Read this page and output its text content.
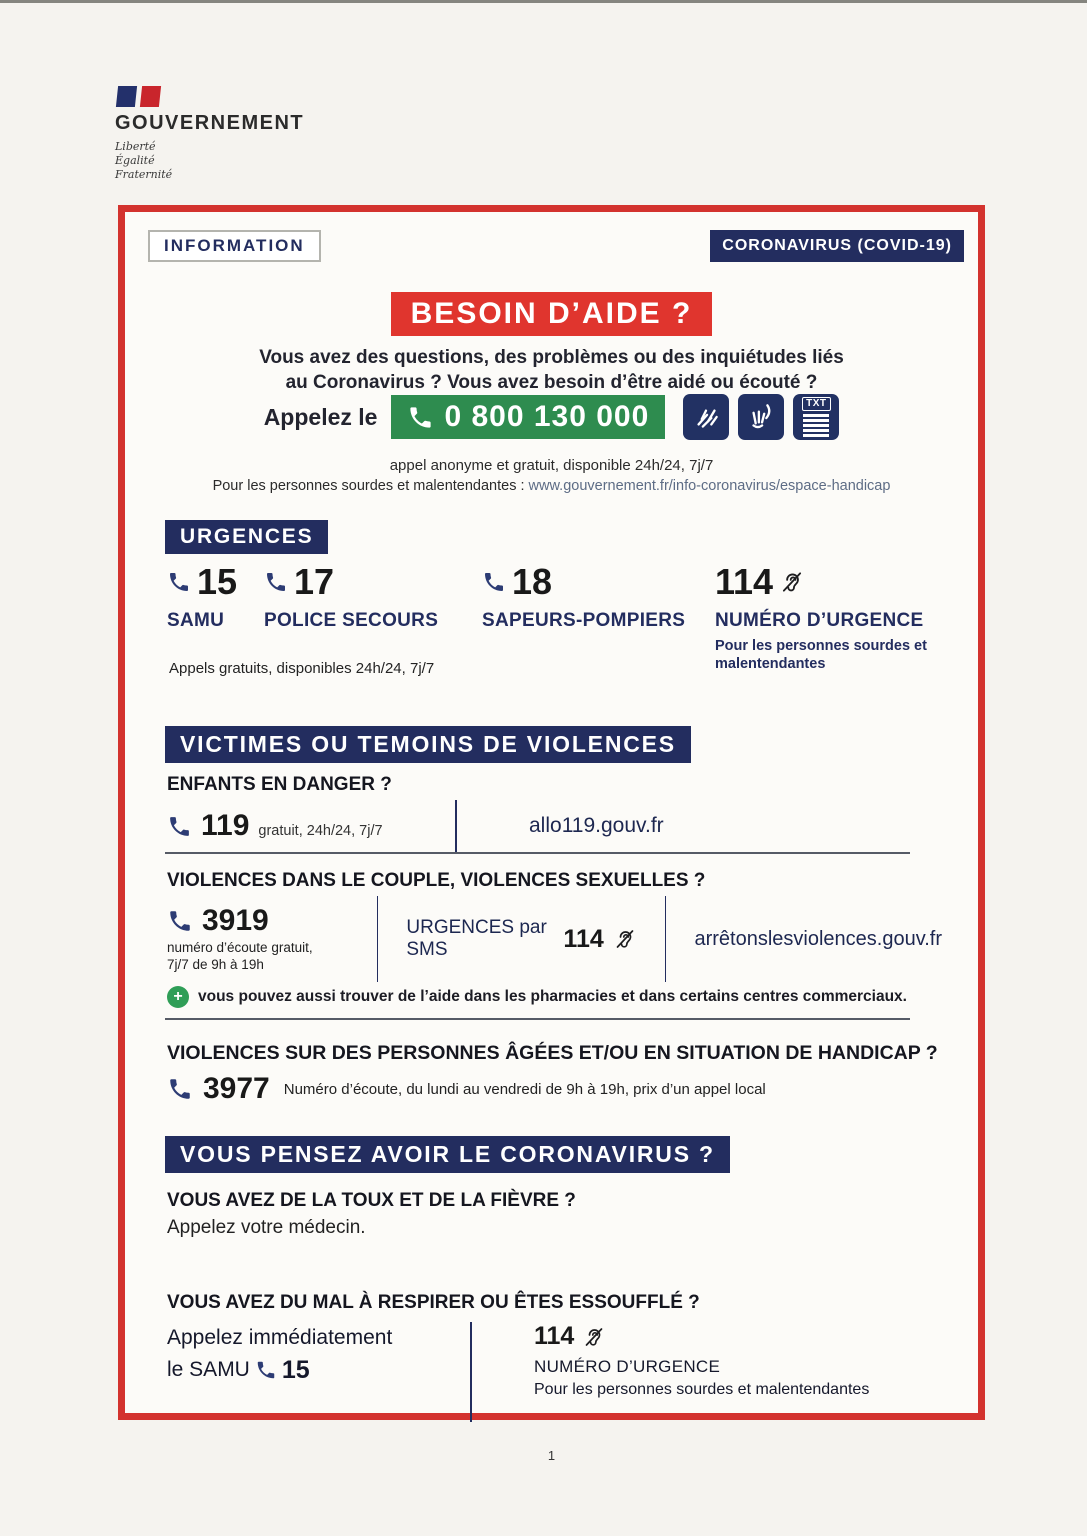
GOUVERNEMENT
Liberté
Égalité
Fraternité
INFORMATION	CORONAVIRUS (COVID-19)
BESOIN D’AIDE ?
Vous avez des questions, des problèmes ou des inquiétudes liés
au Coronavirus ? Vous avez besoin d’être aidé ou écouté ?
Appelez le 0 800 130 000	TXT
appel anonyme et gratuit, disponible 24h/24, 7j/7
Pour les personnes sourdes et malentendantes : www.gouvernement.fr/info-coronavirus/espace-handicap
URGENCES
15
SAMU
17
POLICE SECOURS
18
SAPEURS-POMPIERS
114
NUMÉRO D’URGENCE
Pour les personnes sourdes et malentendantes
Appels gratuits, disponibles 24h/24, 7j/7
VICTIMES OU TEMOINS DE VIOLENCES
ENFANTS EN DANGER ?
119 gratuit, 24h/24, 7j/7	allo119.gouv.fr
VIOLENCES DANS LE COUPLE, VIOLENCES SEXUELLES ?
3919
numéro d’écoute gratuit,
7j/7 de 9h à 19h
URGENCES par SMS	114	arrêtonslesviolences.gouv.fr
+ vous pouvez aussi trouver de l’aide dans les pharmacies et dans certains centres commerciaux.
VIOLENCES SUR DES PERSONNES ÂGÉES ET/OU EN SITUATION DE HANDICAP ?
3977 Numéro d’écoute, du lundi au vendredi de 9h à 19h, prix d’un appel local
VOUS PENSEZ AVOIR LE CORONAVIRUS ?
VOUS AVEZ DE LA TOUX ET DE LA FIÈVRE ?
Appelez votre médecin.
VOUS AVEZ DU MAL À RESPIRER OU ÊTES ESSOUFFLÉ ?
Appelez immédiatement
le SAMU 15
114
NUMÉRO D’URGENCE
Pour les personnes sourdes et malentendantes
1
